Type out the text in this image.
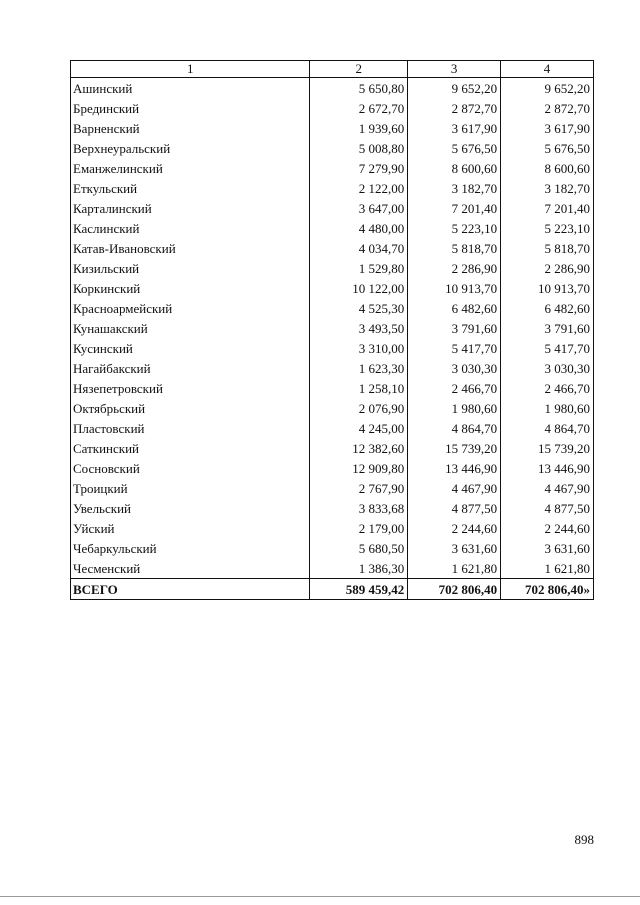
1	2	3	4
Ашинский	5 650,80	9 652,20	9 652,20
Брединский	2 672,70	2 872,70	2 872,70
Варненский	1 939,60	3 617,90	3 617,90
Верхнеуральский	5 008,80	5 676,50	5 676,50
Еманжелинский	7 279,90	8 600,60	8 600,60
Еткульский	2 122,00	3 182,70	3 182,70
Карталинский	3 647,00	7 201,40	7 201,40
Каслинский	4 480,00	5 223,10	5 223,10
Катав-Ивановский	4 034,70	5 818,70	5 818,70
Кизильский	1 529,80	2 286,90	2 286,90
Коркинский	10 122,00	10 913,70	10 913,70
Красноармейский	4 525,30	6 482,60	6 482,60
Кунашакский	3 493,50	3 791,60	3 791,60
Кусинский	3 310,00	5 417,70	5 417,70
Нагайбакский	1 623,30	3 030,30	3 030,30
Нязепетровский	1 258,10	2 466,70	2 466,70
Октябрьский	2 076,90	1 980,60	1 980,60
Пластовский	4 245,00	4 864,70	4 864,70
Саткинский	12 382,60	15 739,20	15 739,20
Сосновский	12 909,80	13 446,90	13 446,90
Троицкий	2 767,90	4 467,90	4 467,90
Увельский	3 833,68	4 877,50	4 877,50
Уйский	2 179,00	2 244,60	2 244,60
Чебаркульский	5 680,50	3 631,60	3 631,60
Чесменский	1 386,30	1 621,80	1 621,80
ВСЕГО	589 459,42	702 806,40	702 806,40»
898
